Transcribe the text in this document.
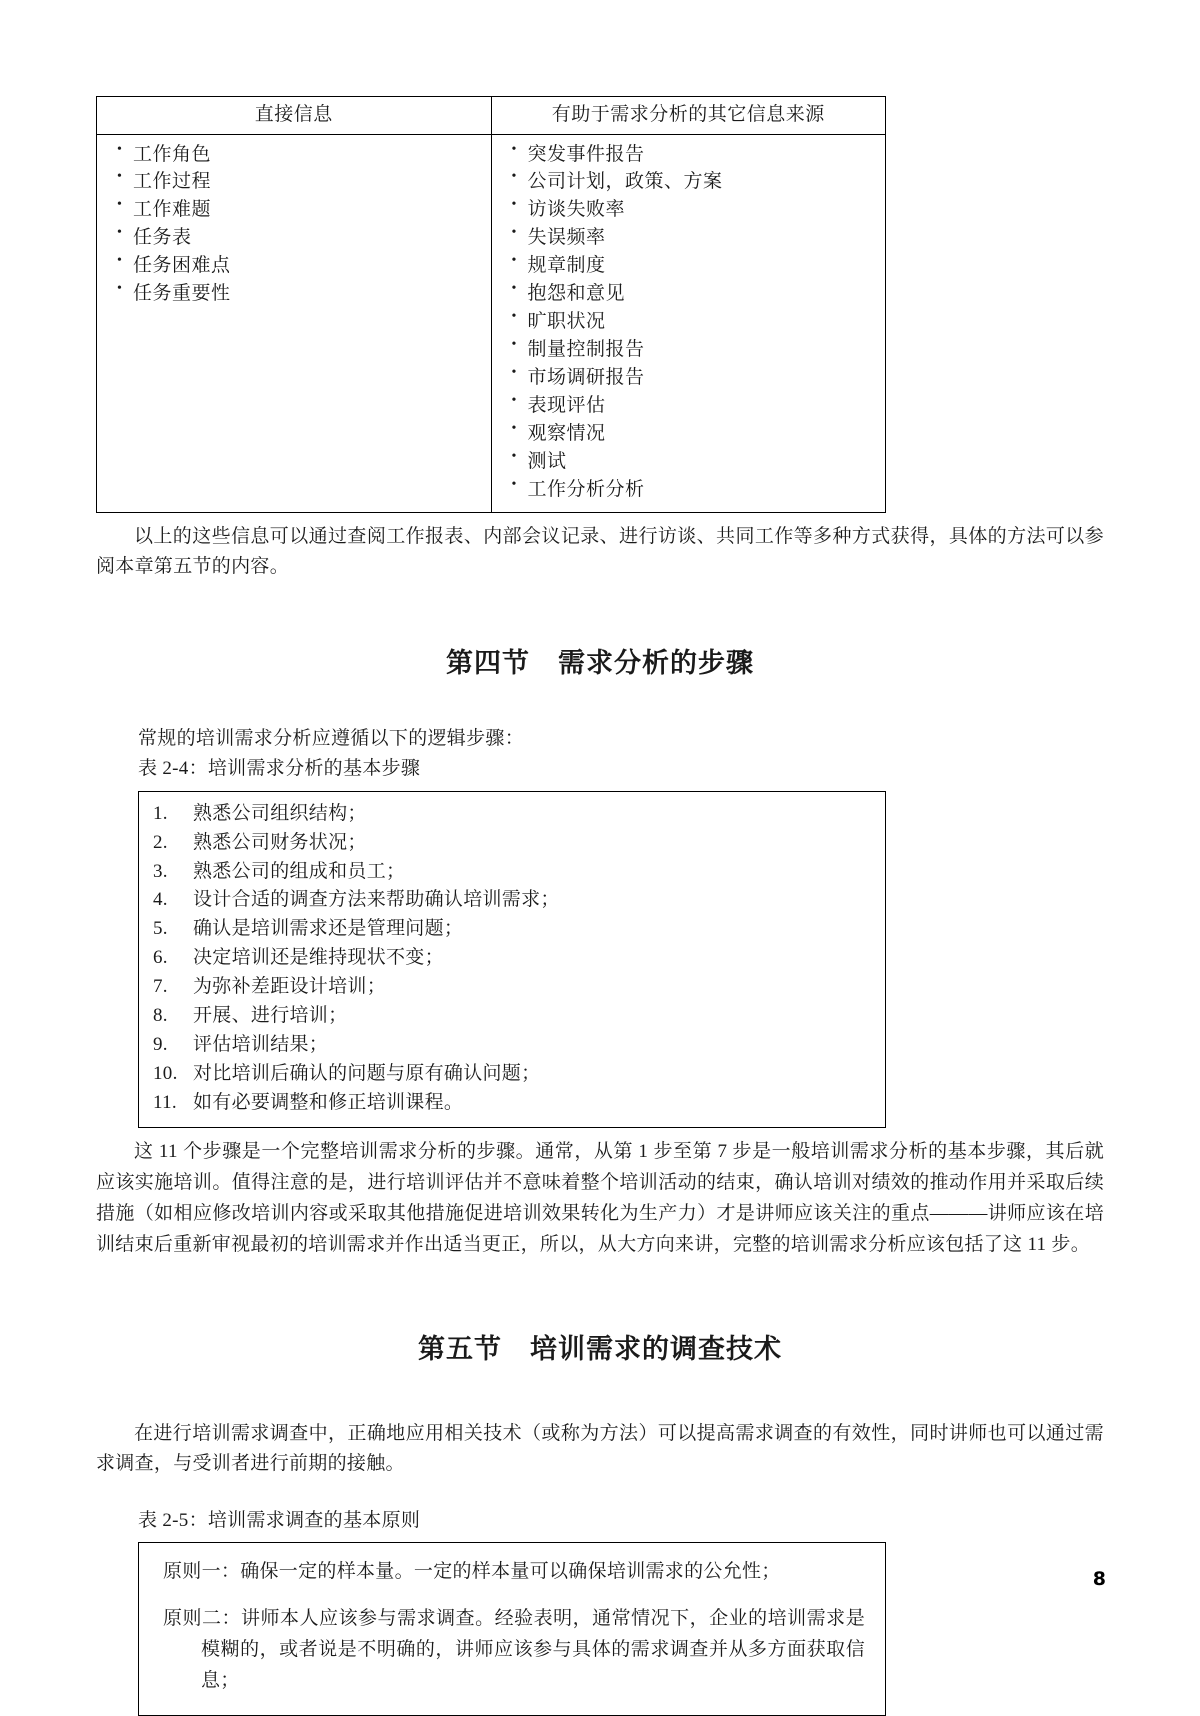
直接信息	有助于需求分析的其它信息来源

• 工作角色
• 工作过程
• 工作难题
• 任务表
• 任务困难点
• 任务重要性

• 突发事件报告
• 公司计划，政策、方案
• 访谈失败率
• 失误频率
• 规章制度
• 抱怨和意见
• 旷职状况
• 制量控制报告
• 市场调研报告
• 表现评估
• 观察情况
• 测试
• 工作分析分析

以上的这些信息可以通过查阅工作报表、内部会议记录、进行访谈、共同工作等多种方式获得，具体的方法可以参阅本章第五节的内容。

第四节　需求分析的步骤

常规的培训需求分析应遵循以下的逻辑步骤：

表 2-4：培训需求分析的基本步骤

1.	熟悉公司组织结构；
2.	熟悉公司财务状况；
3.	熟悉公司的组成和员工；
4.	设计合适的调查方法来帮助确认培训需求；
5.	确认是培训需求还是管理问题；
6.	决定培训还是维持现状不变；
7.	为弥补差距设计培训；
8.	开展、进行培训；
9.	评估培训结果；
10. 对比培训后确认的问题与原有确认问题；
11. 如有必要调整和修正培训课程。

这 11 个步骤是一个完整培训需求分析的步骤。通常，从第 1 步至第 7 步是一般培训需求分析的基本步骤，其后就应该实施培训。值得注意的是，进行培训评估并不意味着整个培训活动的结束，确认培训对绩效的推动作用并采取后续措施（如相应修改培训内容或采取其他措施促进培训效果转化为生产力）才是讲师应该关注的重点———讲师应该在培训结束后重新审视最初的培训需求并作出适当更正，所以，从大方向来讲，完整的培训需求分析应该包括了这 11 步。

第五节　培训需求的调查技术

在进行培训需求调查中，正确地应用相关技术（或称为方法）可以提高需求调查的有效性，同时讲师也可以通过需求调查，与受训者进行前期的接触。

表 2-5：培训需求调查的基本原则

原则一：确保一定的样本量。一定的样本量可以确保培训需求的公允性；

原则二：讲师本人应该参与需求调查。经验表明，通常情况下，企业的培训需求是模糊的，或者说是不明确的，讲师应该参与具体的需求调查并从多方面获取信息；

8
